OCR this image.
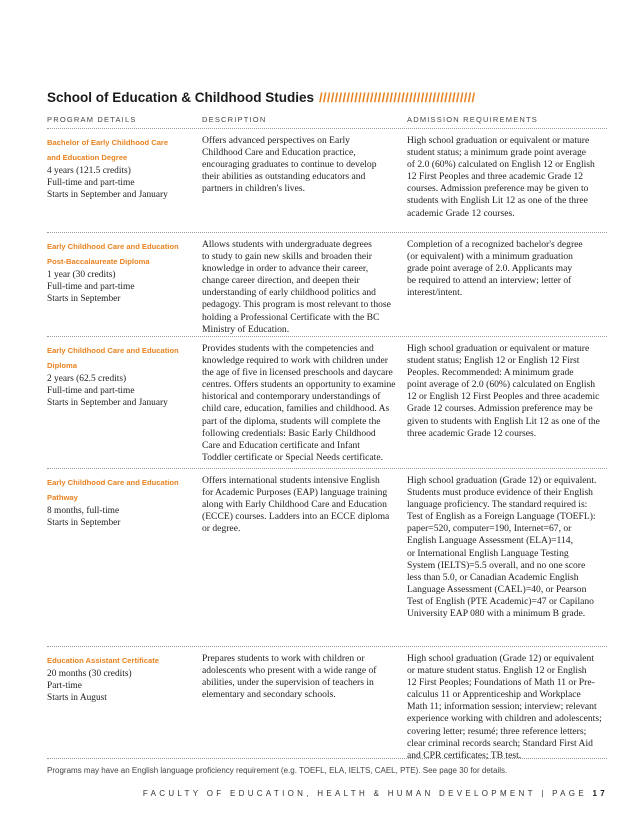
School of Education & Childhood Studies ////////////////////////////////////////
PROGRAM DETAILS	DESCRIPTION	ADMISSION REQUIREMENTS
Bachelor of Early Childhood Care
and Education Degree
4 years (121.5 credits)
Full-time and part-time
Starts in September and January
Offers advanced perspectives on Early
Childhood Care and Education practice,
encouraging graduates to continue to develop
their abilities as outstanding educators and
partners in children's lives.
High school graduation or equivalent or mature
student status; a minimum grade point average
of 2.0 (60%) calculated on English 12 or English
12 First Peoples and three academic Grade 12
courses. Admission preference may be given to
students with English Lit 12 as one of the three
academic Grade 12 courses.
Early Childhood Care and Education
Post-Baccalaureate Diploma
1 year (30 credits)
Full-time and part-time
Starts in September
Allows students with undergraduate degrees
to study to gain new skills and broaden their
knowledge in order to advance their career,
change career direction, and deepen their
understanding of early childhood politics and
pedagogy. This program is most relevant to those
holding a Professional Certificate with the BC
Ministry of Education.
Completion of a recognized bachelor's degree
(or equivalent) with a minimum graduation
grade point average of 2.0. Applicants may
be required to attend an interview; letter of
interest/intent.
Early Childhood Care and Education
Diploma
2 years (62.5 credits)
Full-time and part-time
Starts in September and January
Provides students with the competencies and
knowledge required to work with children under
the age of five in licensed preschools and daycare
centres. Offers students an opportunity to examine
historical and contemporary understandings of
child care, education, families and childhood. As
part of the diploma, students will complete the
following credentials: Basic Early Childhood
Care and Education certificate and Infant
Toddler certificate or Special Needs certificate.
High school graduation or equivalent or mature
student status; English 12 or English 12 First
Peoples. Recommended: A minimum grade
point average of 2.0 (60%) calculated on English
12 or English 12 First Peoples and three academic
Grade 12 courses. Admission preference may be
given to students with English Lit 12 as one of the
three academic Grade 12 courses.
Early Childhood Care and Education
Pathway
8 months, full-time
Starts in September
Offers international students intensive English
for Academic Purposes (EAP) language training
along with Early Childhood Care and Education
(ECCE) courses. Ladders into an ECCE diploma
or degree.
High school graduation (Grade 12) or equivalent.
Students must produce evidence of their English
language proficiency. The standard required is:
Test of English as a Foreign Language (TOEFL):
paper=520, computer=190, Internet=67, or
English Language Assessment (ELA)=114,
or International English Language Testing
System (IELTS)=5.5 overall, and no one score
less than 5.0, or Canadian Academic English
Language Assessment (CAEL)=40, or Pearson
Test of English (PTE Academic)=47 or Capilano
University EAP 080 with a minimum B grade.
Education Assistant Certificate
20 months (30 credits)
Part-time
Starts in August
Prepares students to work with children or
adolescents who present with a wide range of
abilities, under the supervision of teachers in
elementary and secondary schools.
High school graduation (Grade 12) or equivalent
or mature student status. English 12 or English
12 First Peoples; Foundations of Math 11 or Pre-
calculus 11 or Apprenticeship and Workplace
Math 11; information session; interview; relevant
experience working with children and adolescents;
covering letter; resumé; three reference letters;
clear criminal records search; Standard First Aid
and CPR certificates; TB test.
Programs may have an English language proficiency requirement (e.g. TOEFL, ELA, IELTS, CAEL, PTE). See page 30 for details.
FACULTY OF EDUCATION, HEALTH & HUMAN DEVELOPMENT | PAGE 17
